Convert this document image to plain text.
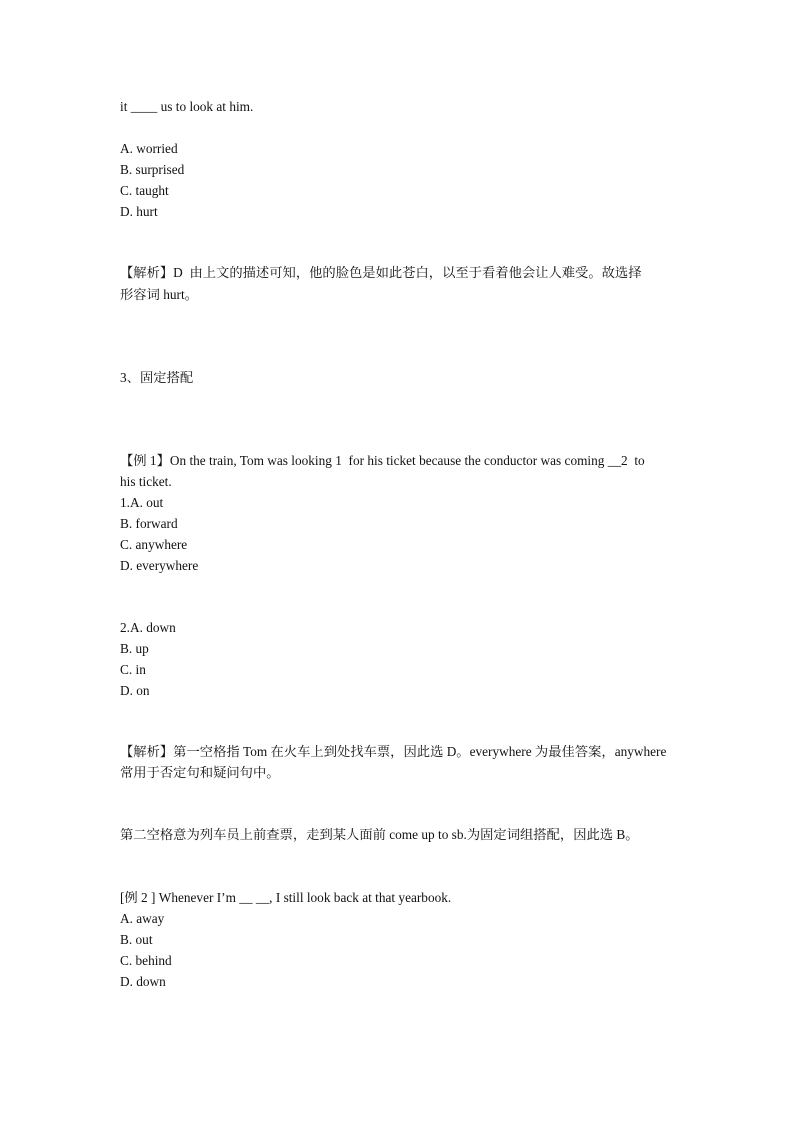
it ____ us to look at him.
A. worried
B. surprised
C. taught
D. hurt
【解析】D  由上文的描述可知，他的脸色是如此苍白，以至于看着他会让人难受。故选择
形容词 hurt。
3、固定搭配
【例 1】On the train, Tom was looking 1  for his ticket because the conductor was coming __2  to
his ticket.
1.A. out
B. forward
C. anywhere
D. everywhere
2.A. down
B. up
C. in
D. on
【解析】第一空格指 Tom 在火车上到处找车票，因此选 D。everywhere 为最佳答案，anywhere
常用于否定句和疑问句中。
第二空格意为列车员上前查票，走到某人面前 come up to sb.为固定词组搭配，因此选 B。
[例 2 ] Whenever I’m __ __, I still look back at that yearbook.
A. away
B. out
C. behind
D. down
